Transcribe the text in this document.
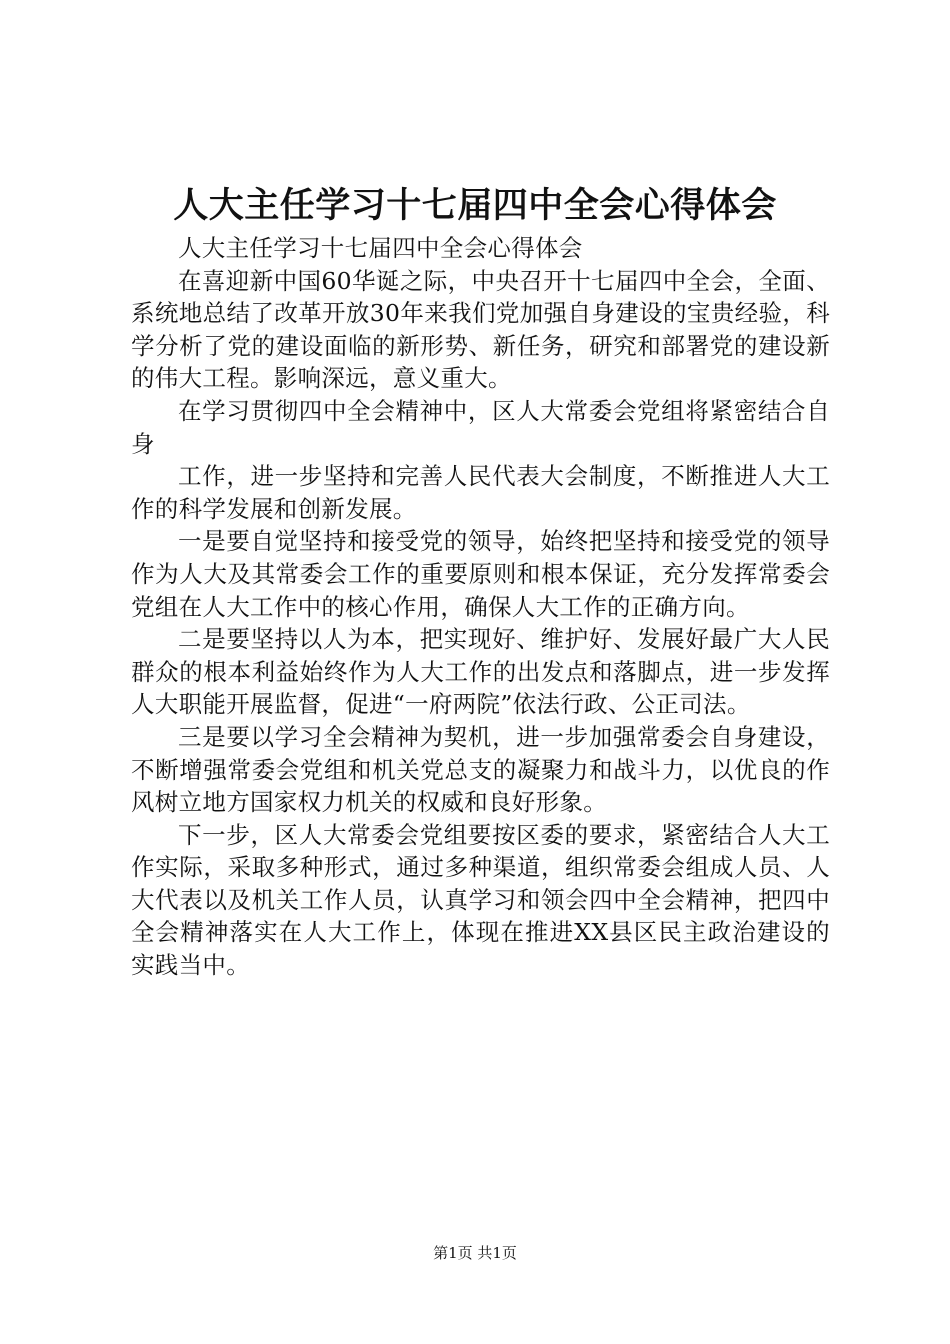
人大主任学习十七届四中全会心得体会

人大主任学习十七届四中全会心得体会

在喜迎新中国60华诞之际，中央召开十七届四中全会，全面、系统地总结了改革开放30年来我们党加强自身建设的宝贵经验，科学分析了党的建设面临的新形势、新任务，研究和部署党的建设新的伟大工程。影响深远，意义重大。

在学习贯彻四中全会精神中，区人大常委会党组将紧密结合自身

工作，进一步坚持和完善人民代表大会制度，不断推进人大工作的科学发展和创新发展。

一是要自觉坚持和接受党的领导，始终把坚持和接受党的领导作为人大及其常委会工作的重要原则和根本保证，充分发挥常委会党组在人大工作中的核心作用，确保人大工作的正确方向。

二是要坚持以人为本，把实现好、维护好、发展好最广大人民群众的根本利益始终作为人大工作的出发点和落脚点，进一步发挥人大职能开展监督，促进“一府两院”依法行政、公正司法。

三是要以学习全会精神为契机，进一步加强常委会自身建设，不断增强常委会党组和机关党总支的凝聚力和战斗力，以优良的作风树立地方国家权力机关的权威和良好形象。

下一步，区人大常委会党组要按区委的要求，紧密结合人大工作实际，采取多种形式，通过多种渠道，组织常委会组成人员、人大代表以及机关工作人员，认真学习和领会四中全会精神，把四中全会精神落实在人大工作上，体现在推进XX县区民主政治建设的实践当中。

第1页 共1页
